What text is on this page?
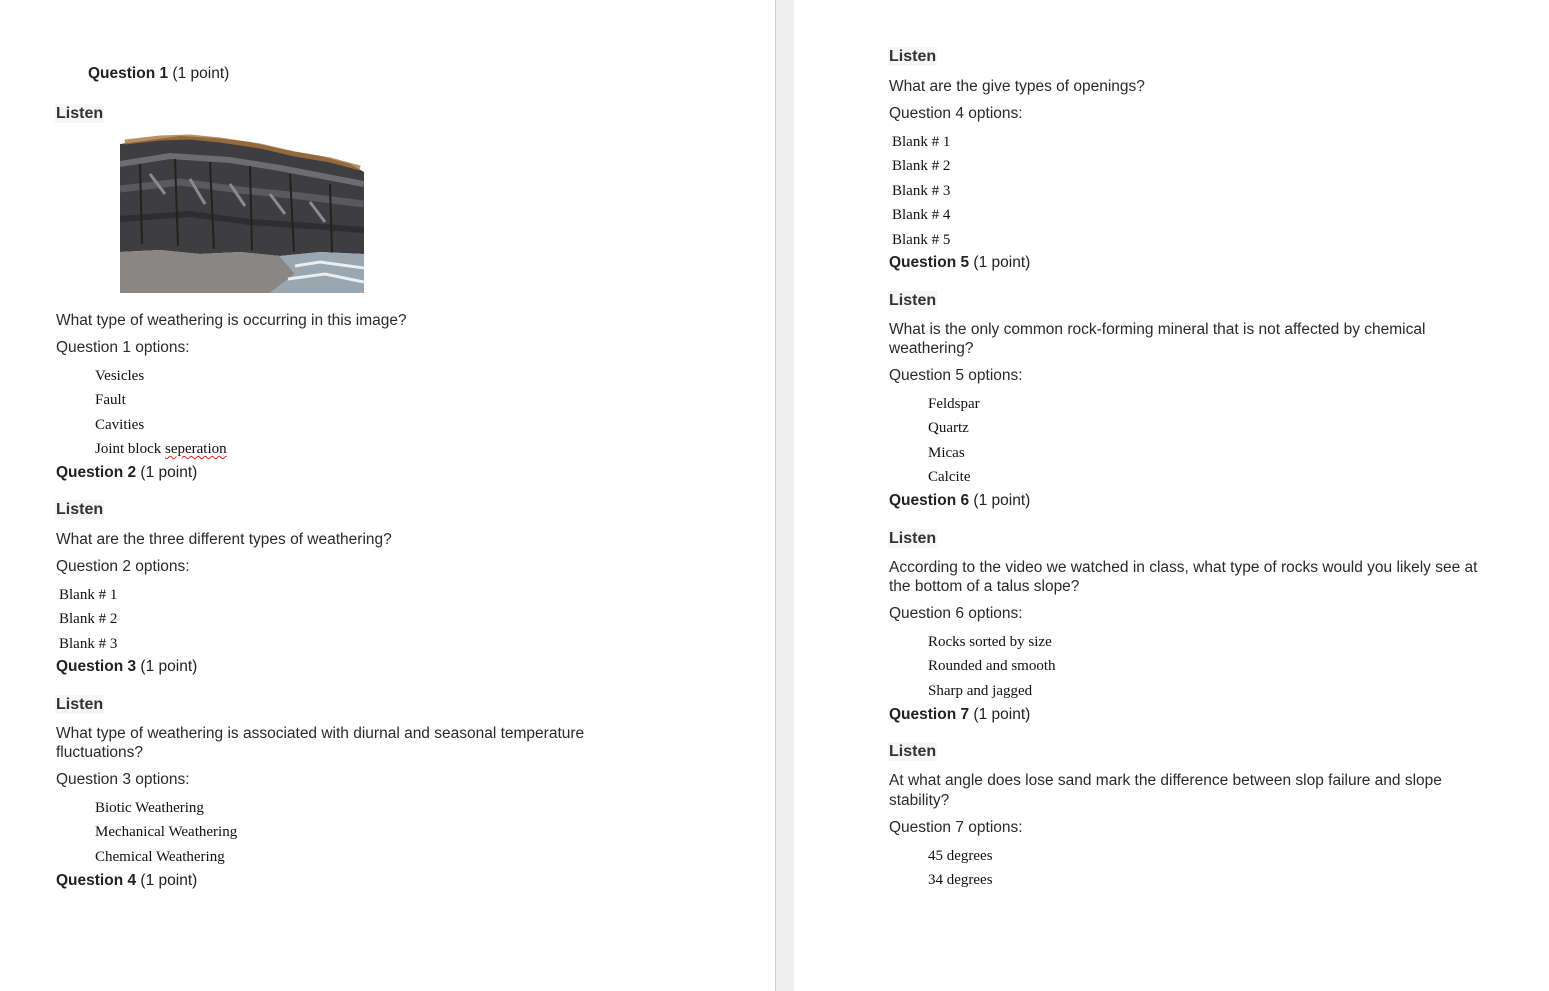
Question 1 (1 point)
Listen
What type of weathering is occurring in this image?
Question 1 options:
Vesicles
Fault
Cavities
Joint block seperation
Question 2 (1 point)
Listen
What are the three different types of weathering?
Question 2 options:
Blank # 1
Blank # 2
Blank # 3
Question 3 (1 point)
Listen
What type of weathering is associated with diurnal and seasonal temperature
fluctuations?
Question 3 options:
Biotic Weathering
Mechanical Weathering
Chemical Weathering
Question 4 (1 point)
Listen
What are the give types of openings?
Question 4 options:
Blank # 1
Blank # 2
Blank # 3
Blank # 4
Blank # 5
Question 5 (1 point)
Listen
What is the only common rock-forming mineral that is not affected by chemical
weathering?
Question 5 options:
Feldspar
Quartz
Micas
Calcite
Question 6 (1 point)
Listen
According to the video we watched in class, what type of rocks would you likely see at
the bottom of a talus slope?
Question 6 options:
Rocks sorted by size
Rounded and smooth
Sharp and jagged
Question 7 (1 point)
Listen
At what angle does lose sand mark the difference between slop failure and slope
stability?
Question 7 options:
45 degrees
34 degrees
